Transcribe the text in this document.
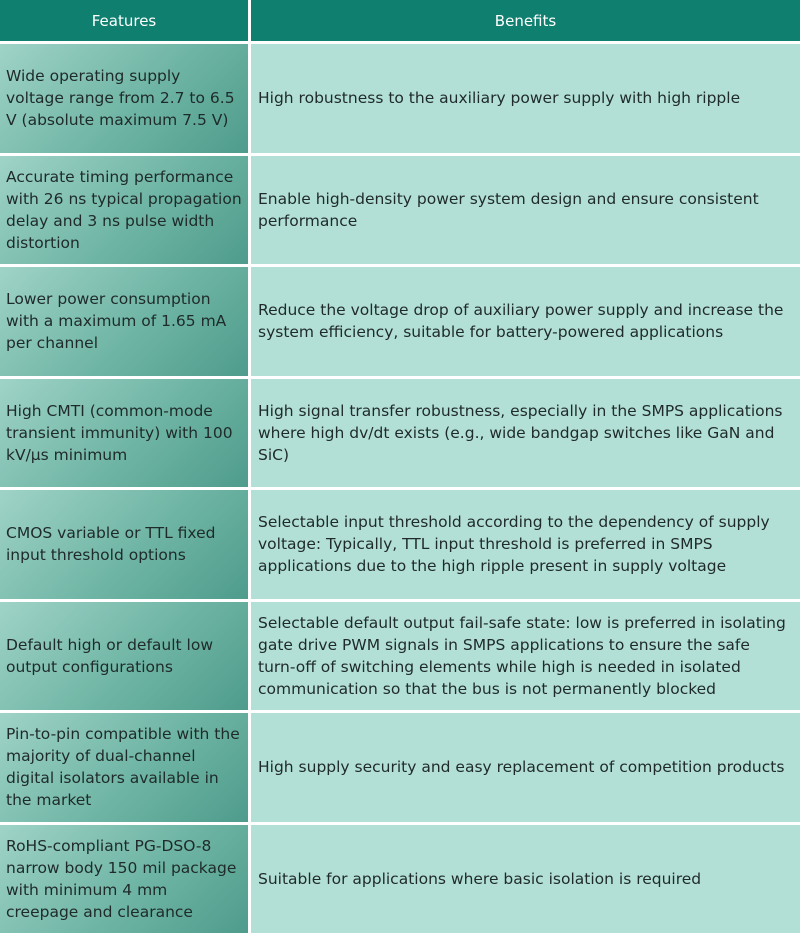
Features	Benefits
Wide operating supply voltage range from 2.7 to 6.5 V (absolute maximum 7.5 V)
High robustness to the auxiliary power supply with high ripple
Accurate timing performance with 26 ns typical propagation delay and 3 ns pulse width distortion
Enable high-density power system design and ensure consistent performance
Lower power consumption with a maximum of 1.65 mA per channel
Reduce the voltage drop of auxiliary power supply and increase the system efficiency, suitable for battery-powered applications
High CMTI (common-mode transient immunity) with 100 kV/µs minimum
High signal transfer robustness, especially in the SMPS applications where high dv/dt exists (e.g., wide bandgap switches like GaN and SiC)
CMOS variable or TTL fixed input threshold options
Selectable input threshold according to the dependency of supply voltage: Typically, TTL input threshold is preferred in SMPS applications due to the high ripple present in supply voltage
Default high or default low output configurations
Selectable default output fail-safe state: low is preferred in isolating gate drive PWM signals in SMPS applications to ensure the safe turn-off of switching elements while high is needed in isolated communication so that the bus is not permanently blocked
Pin-to-pin compatible with the majority of dual-channel digital isolators available in the market
High supply security and easy replacement of competition products
RoHS-compliant PG-DSO-8 narrow body 150 mil package with minimum 4 mm creepage and clearance
Suitable for applications where basic isolation is required
